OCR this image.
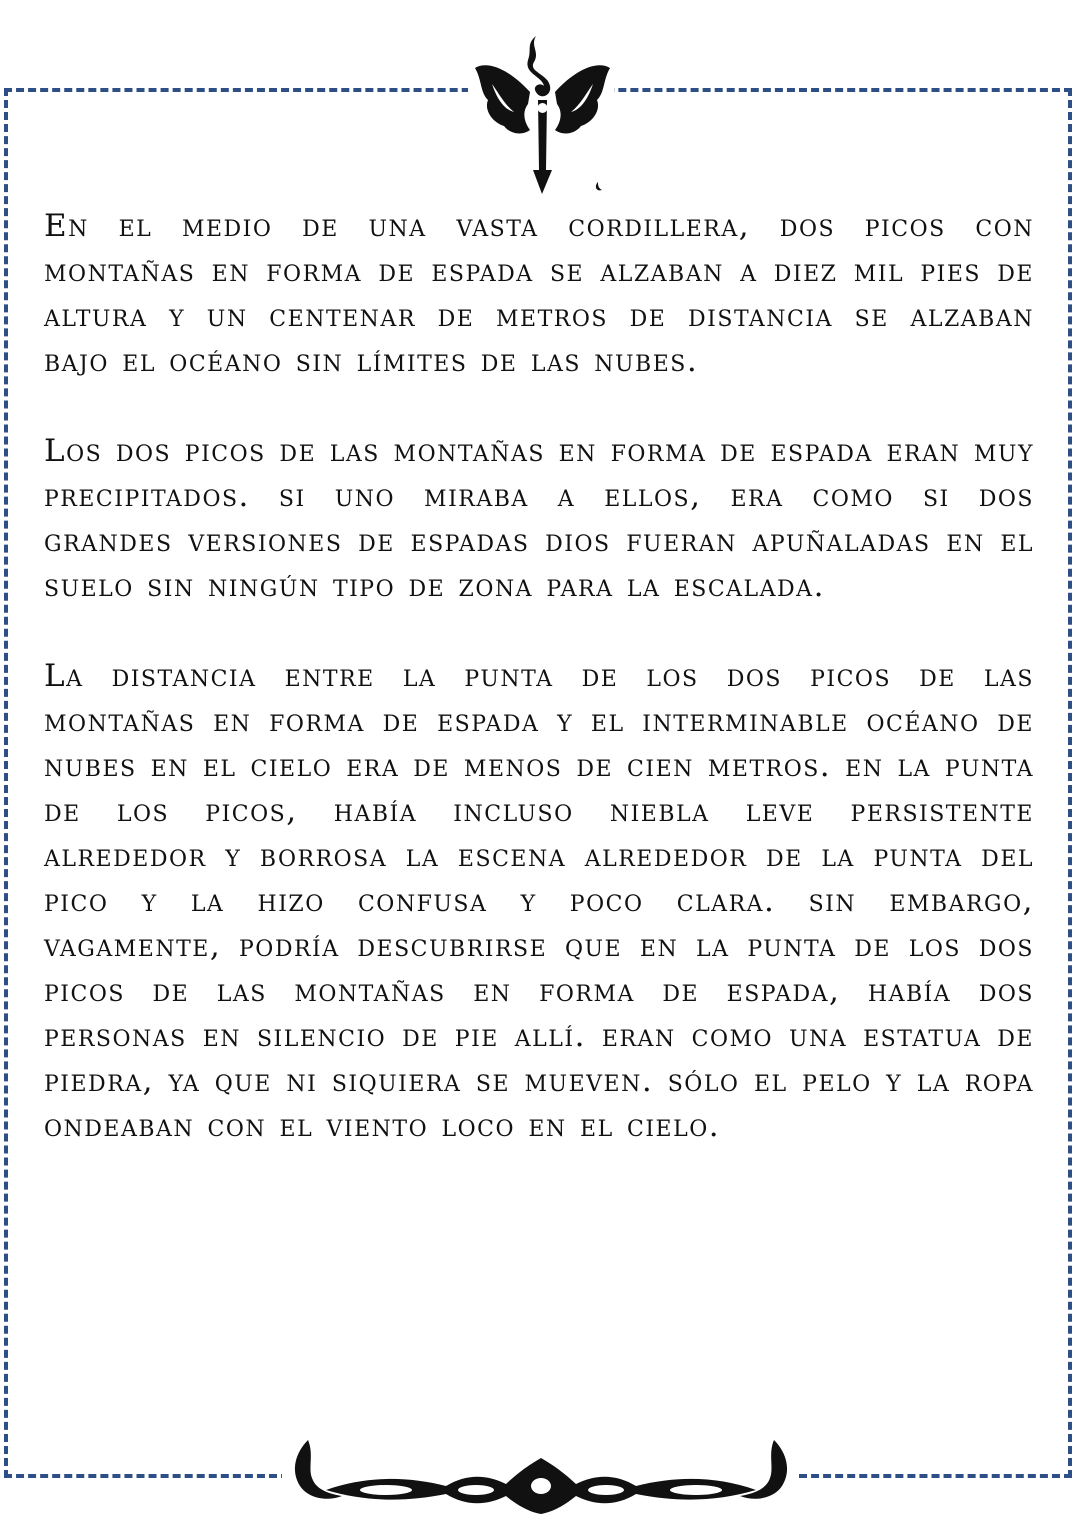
En el medio de una vasta cordillera, dos picos con montañas en forma de espada se alzaban a diez mil pies de altura y un centenar de metros de distancia se alzaban bajo el océano sin límites de las nubes.

Los dos picos de las montañas en forma de espada eran muy precipitados. si uno miraba a ellos, era como si dos grandes versiones de espadas dios fueran apuñaladas en el suelo sin ningún tipo de zona para la escalada.

La distancia entre la punta de los dos picos de las montañas en forma de espada y el interminable océano de nubes en el cielo era de menos de cien metros. en la punta de los picos, había incluso niebla leve persistente alrededor y borrosa la escena alrededor de la punta del pico y la hizo confusa y poco clara. sin embargo, vagamente, podría descubrirse que en la punta de los dos picos de las montañas en forma de espada, había dos personas en silencio de pie allí. eran como una estatua de piedra, ya que ni siquiera se mueven. sólo el pelo y la ropa ondeaban con el viento loco en el cielo.
